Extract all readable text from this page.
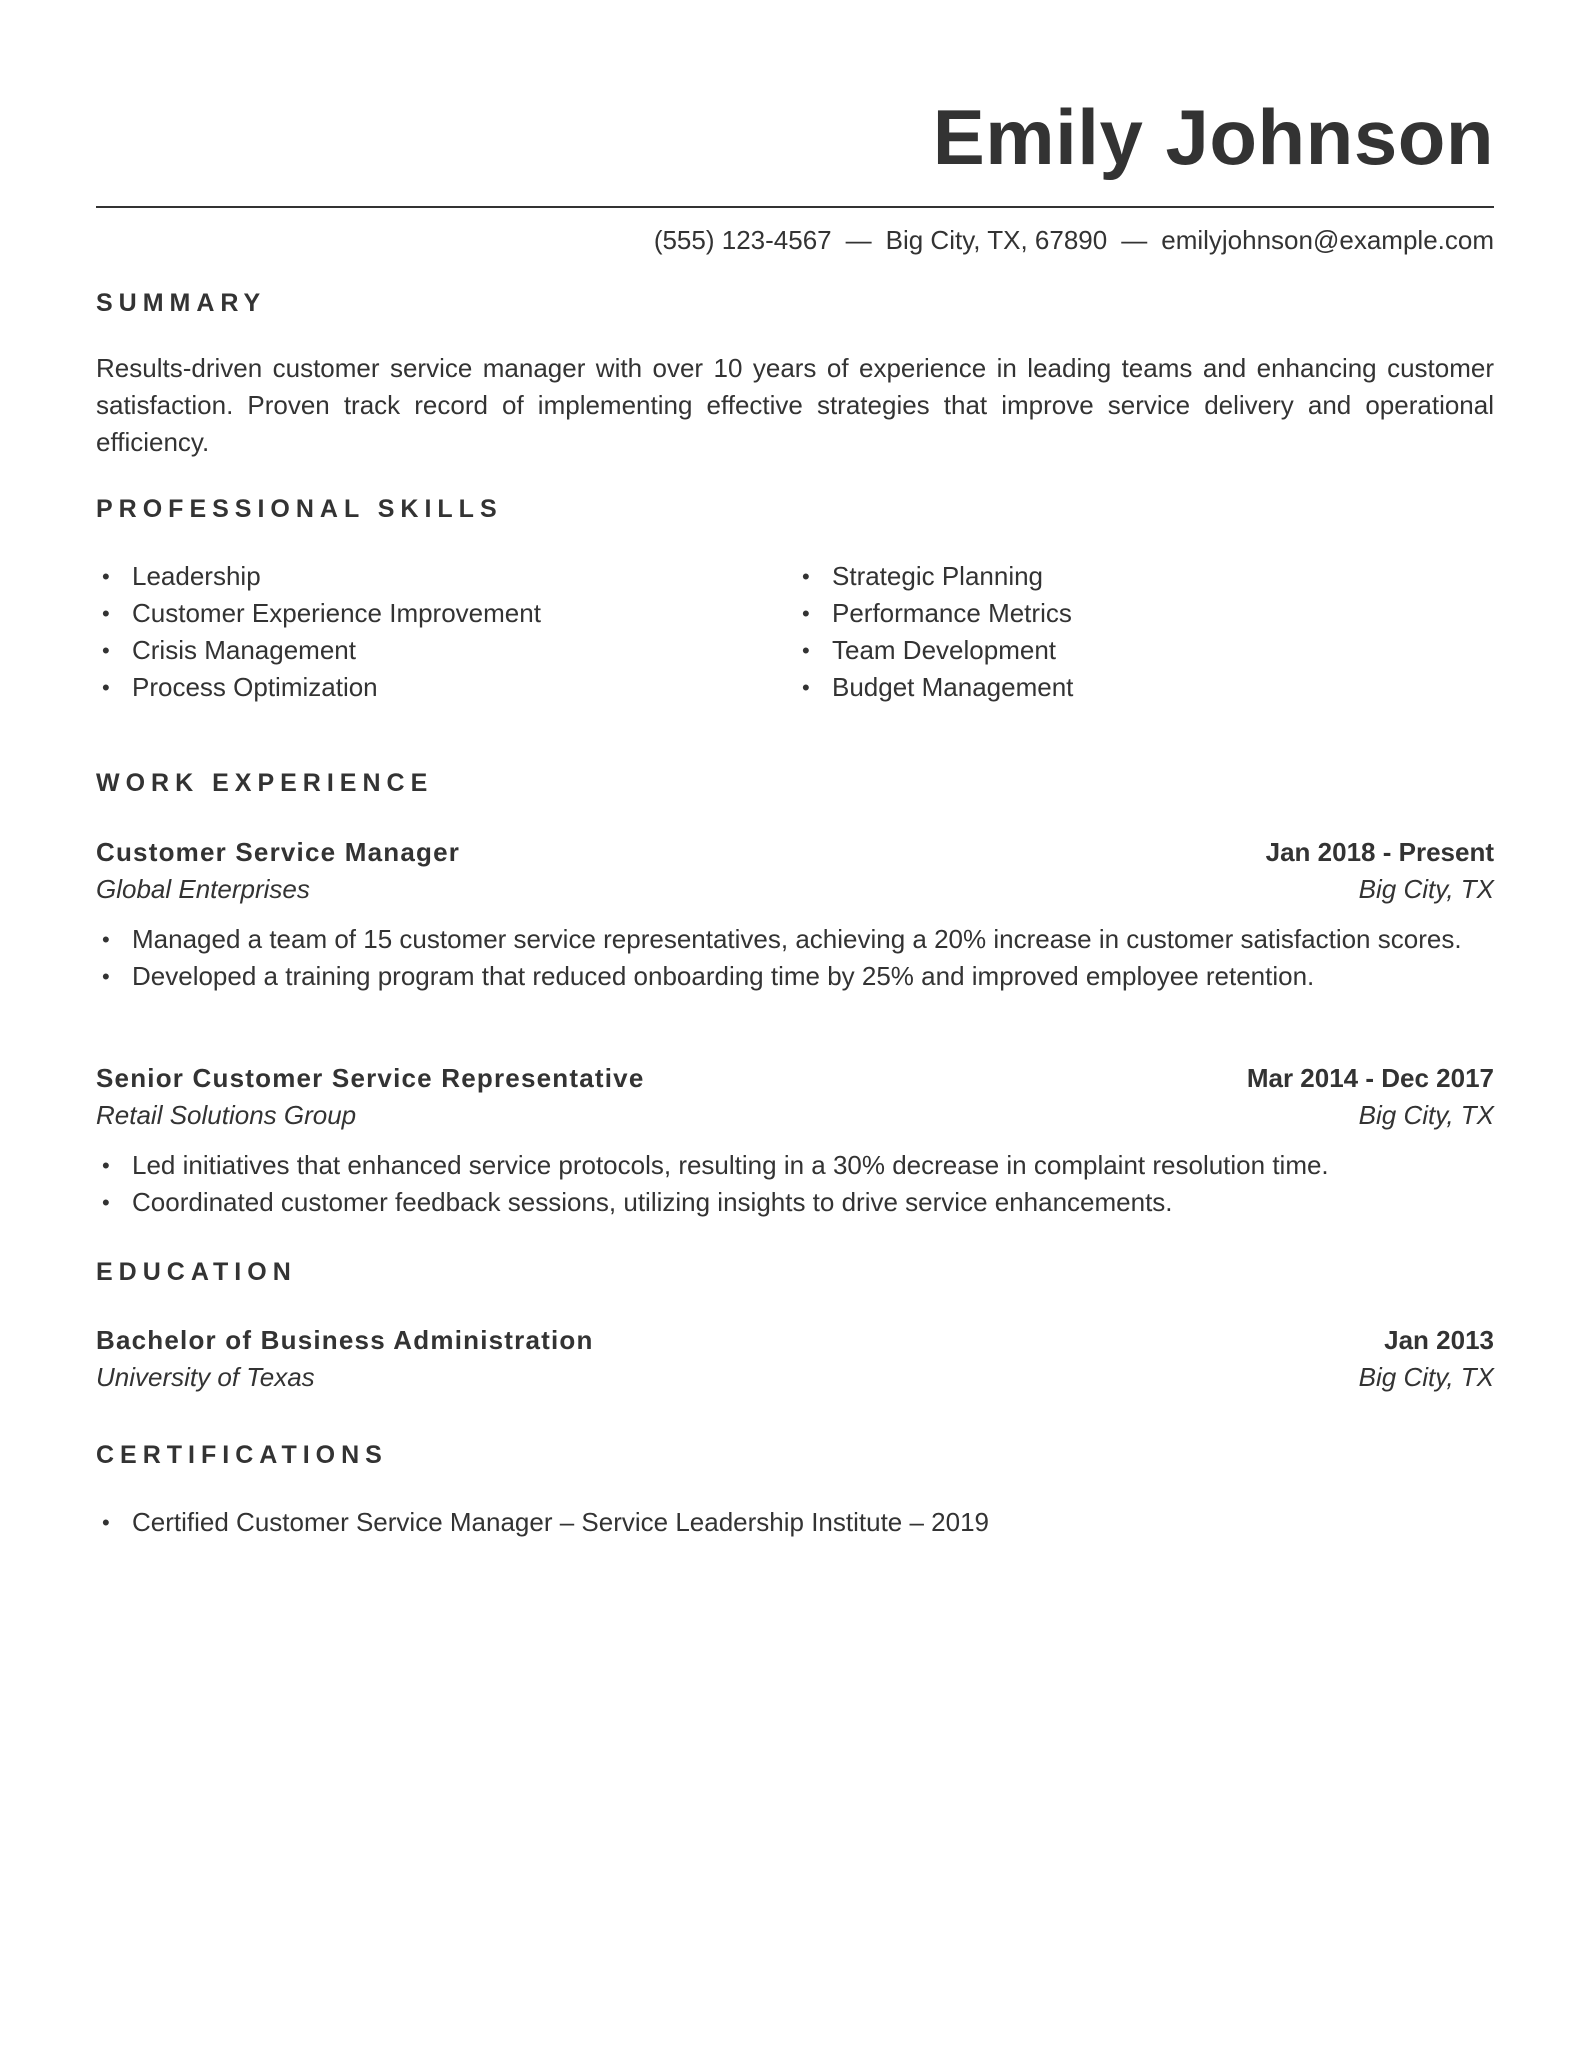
Emily Johnson
(555) 123-4567 — Big City, TX, 67890 — emilyjohnson@example.com
SUMMARY

Results-driven customer service manager with over 10 years of experience in leading teams and enhancing customer satisfaction. Proven track record of implementing effective strategies that improve service delivery and operational efficiency.

PROFESSIONAL SKILLS
• Leadership
• Customer Experience Improvement
• Crisis Management
• Process Optimization
• Strategic Planning
• Performance Metrics
• Team Development
• Budget Management
WORK EXPERIENCE
Customer Service Manager	Jan 2018 - Present
Global Enterprises	Big City, TX
• Managed a team of 15 customer service representatives, achieving a 20% increase in customer satisfaction scores.
• Developed a training program that reduced onboarding time by 25% and improved employee retention.
Senior Customer Service Representative	Mar 2014 - Dec 2017
Retail Solutions Group	Big City, TX
• Led initiatives that enhanced service protocols, resulting in a 30% decrease in complaint resolution time.
• Coordinated customer feedback sessions, utilizing insights to drive service enhancements.
EDUCATION
Bachelor of Business Administration	Jan 2013
University of Texas	Big City, TX
CERTIFICATIONS
• Certified Customer Service Manager – Service Leadership Institute – 2019
